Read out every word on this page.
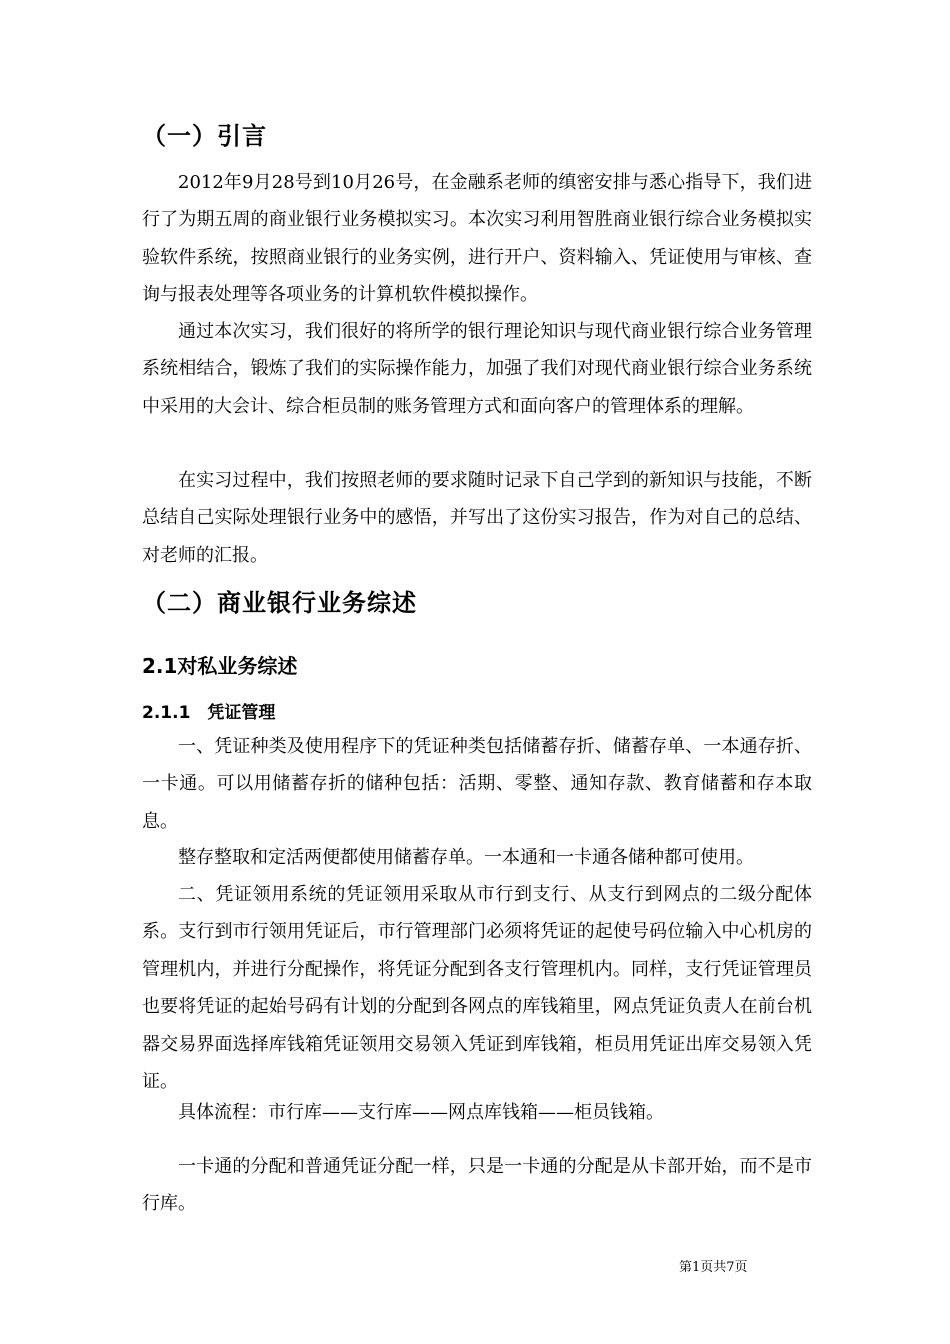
（一）引言

2012年9月28号到10月26号，在金融系老师的缜密安排与悉心指导下，我们进行了为期五周的商业银行业务模拟实习。本次实习利用智胜商业银行综合业务模拟实验软件系统，按照商业银行的业务实例，进行开户、资料输入、凭证使用与审核、查询与报表处理等各项业务的计算机软件模拟操作。

通过本次实习，我们很好的将所学的银行理论知识与现代商业银行综合业务管理系统相结合，锻炼了我们的实际操作能力，加强了我们对现代商业银行综合业务系统中采用的大会计、综合柜员制的账务管理方式和面向客户的管理体系的理解。

在实习过程中，我们按照老师的要求随时记录下自己学到的新知识与技能，不断总结自己实际处理银行业务中的感悟，并写出了这份实习报告，作为对自己的总结、对老师的汇报。

（二）商业银行业务综述
2.1对私业务综述
2.1.1　凭证管理

一、凭证种类及使用程序下的凭证种类包括储蓄存折、储蓄存单、一本通存折、一卡通。可以用储蓄存折的储种包括：活期、零整、通知存款、教育储蓄和存本取息。

整存整取和定活两便都使用储蓄存单。一本通和一卡通各储种都可使用。

二、凭证领用系统的凭证领用采取从市行到支行、从支行到网点的二级分配体系。支行到市行领用凭证后，市行管理部门必须将凭证的起使号码位输入中心机房的管理机内，并进行分配操作，将凭证分配到各支行管理机内。同样，支行凭证管理员也要将凭证的起始号码有计划的分配到各网点的库钱箱里，网点凭证负责人在前台机器交易界面选择库钱箱凭证领用交易领入凭证到库钱箱，柜员用凭证出库交易领入凭证。

具体流程：市行库——支行库——网点库钱箱——柜员钱箱。

一卡通的分配和普通凭证分配一样，只是一卡通的分配是从卡部开始，而不是市行库。

第1页共7页
